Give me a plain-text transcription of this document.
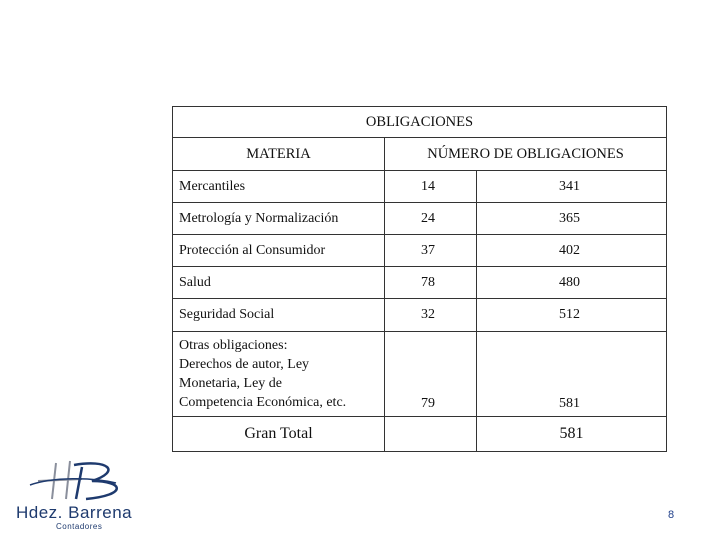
OBLIGACIONES		
MATERIA	NÚMERO DE OBLIGACIONES	
Mercantiles	14	341
Metrología y Normalización	24	365
Protección al Consumidor	37	402
Salud	78	480
Seguridad Social	32	512

Otras obligaciones:
Derechos de autor, Ley
Monetaria, Ley de
Competencia Económica, etc.	79	581
Gran Total		581
Hdez. Barrena
Contadores
8
